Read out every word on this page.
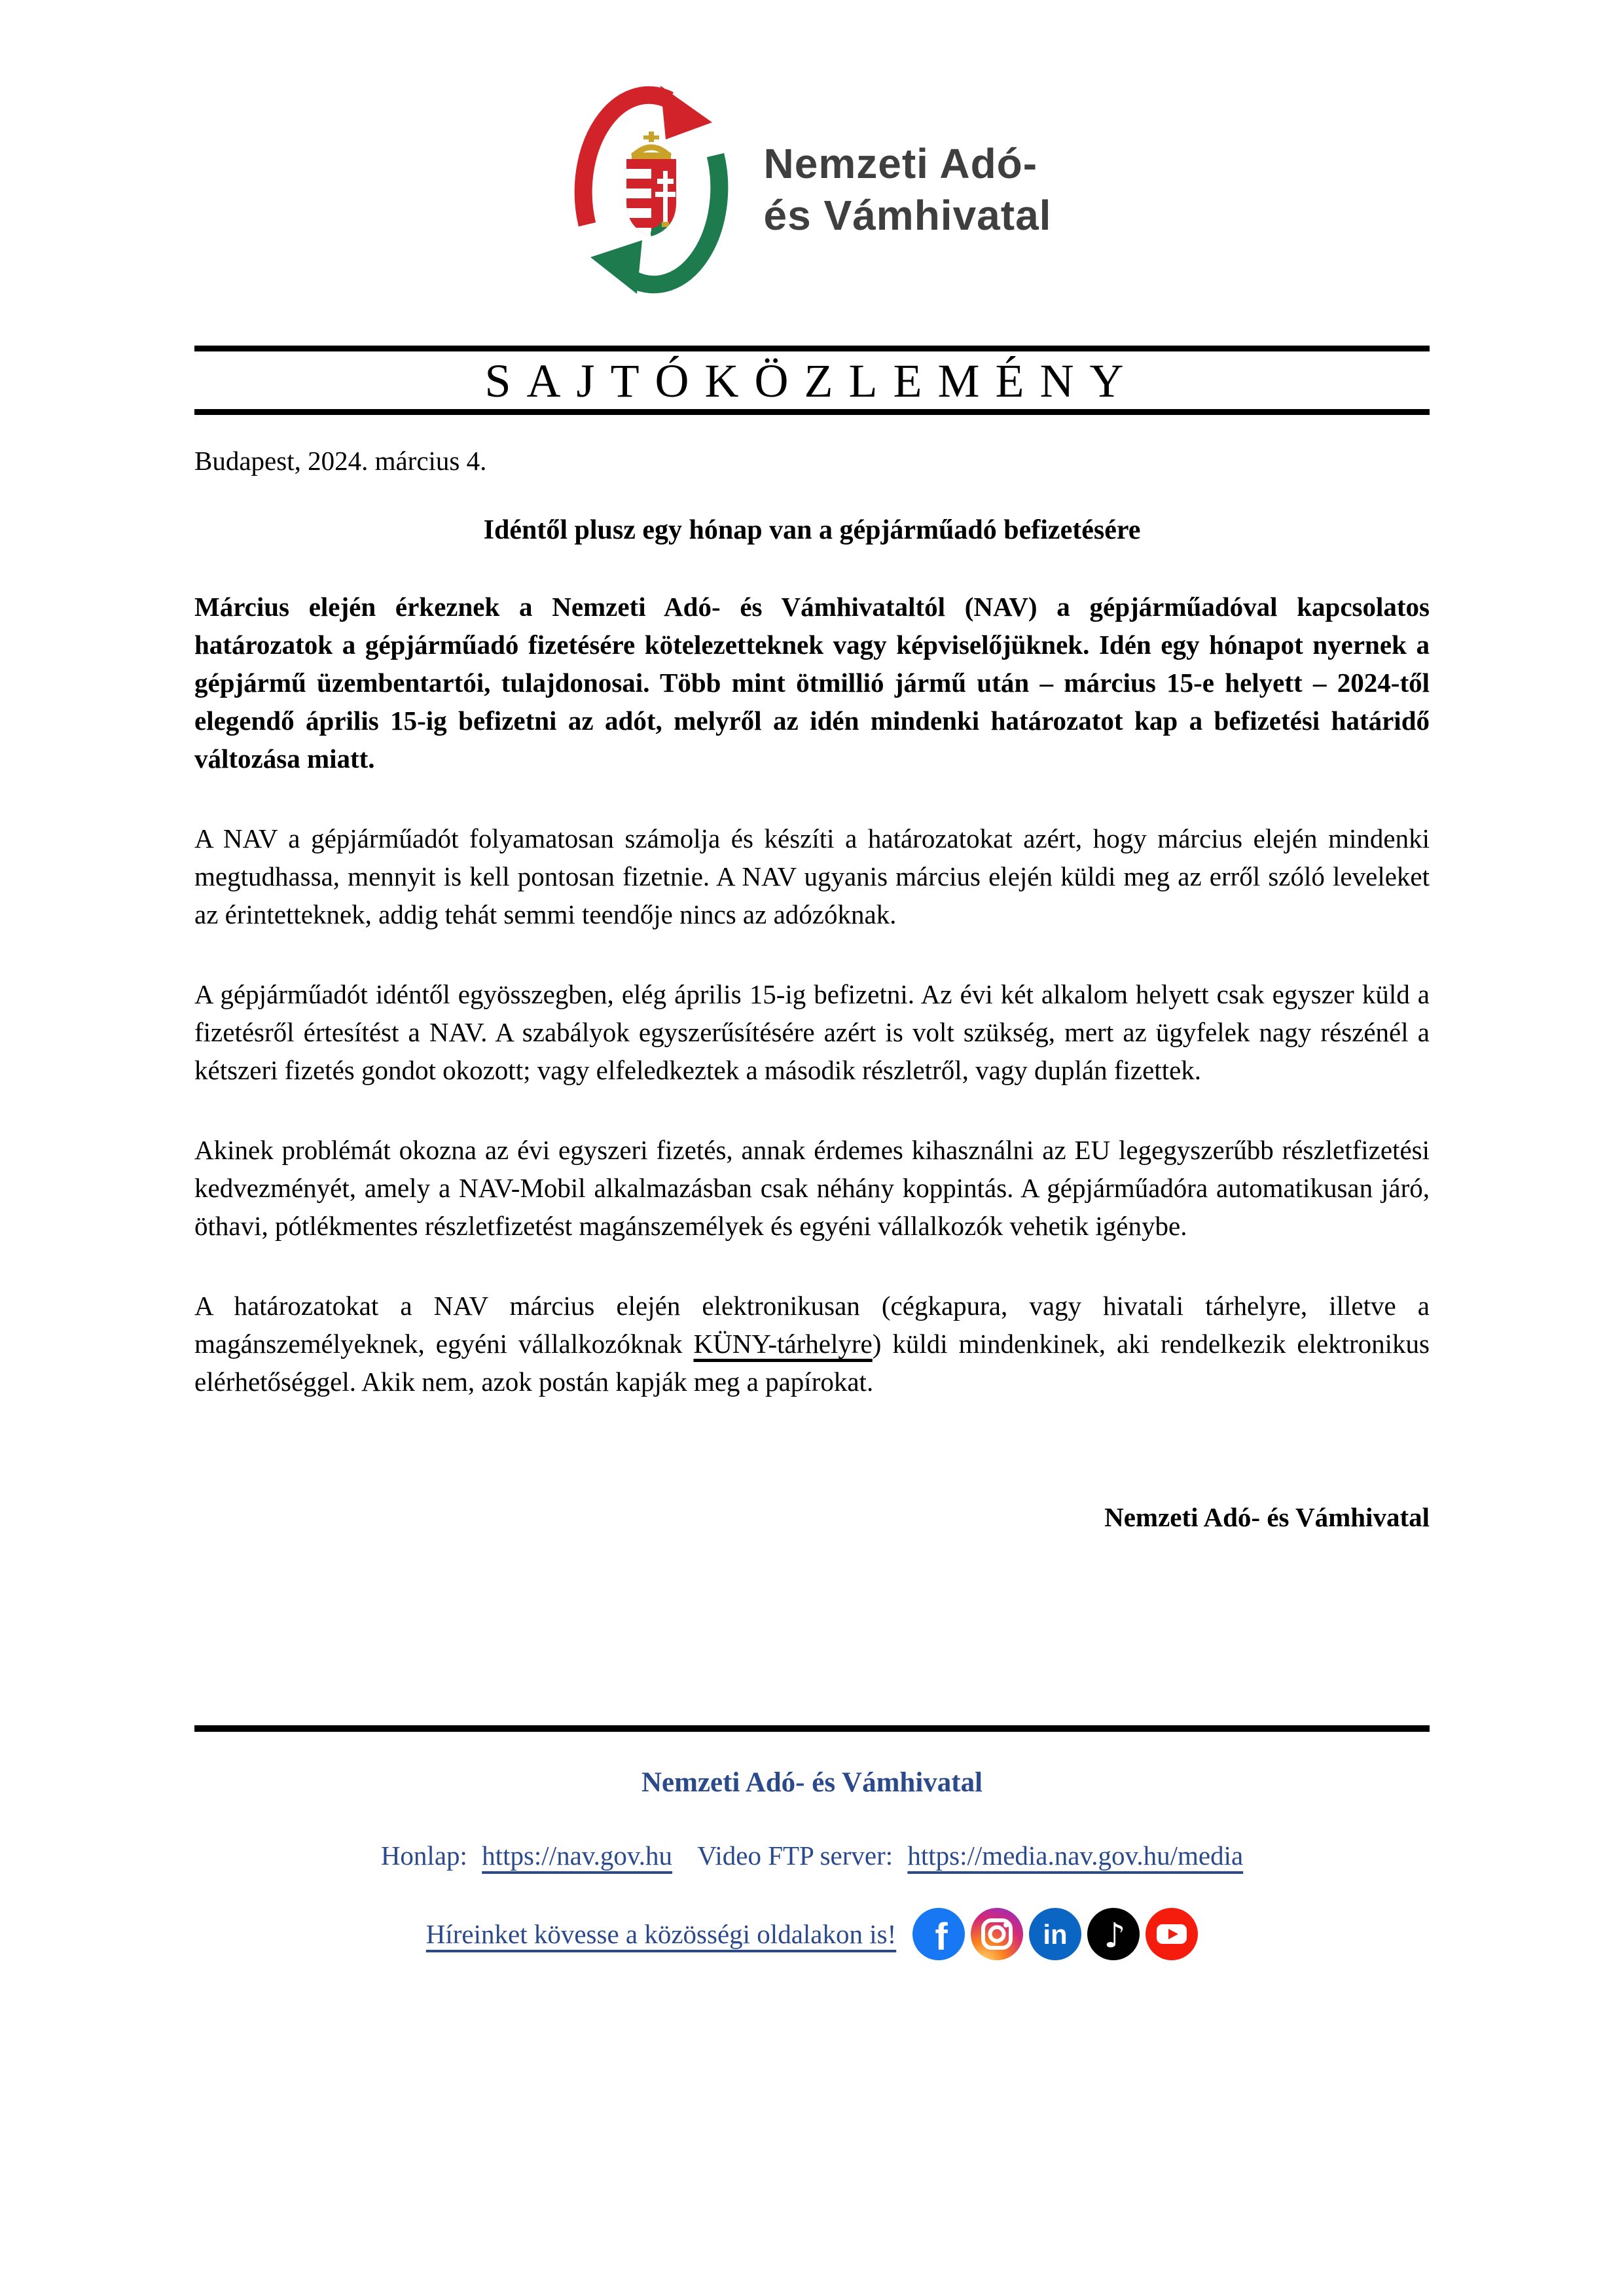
Nemzeti Adó-
és Vámhivatal
SAJTÓKÖZLEMÉNY

Budapest, 2024. március 4.

Idéntől plusz egy hónap van a gépjárműadó befizetésére

Március elején érkeznek a Nemzeti Adó- és Vámhivataltól (NAV) a gépjárműadóval kapcsolatos határozatok a gépjárműadó fizetésére kötelezetteknek vagy képviselőjüknek. Idén egy hónapot nyernek a gépjármű üzembentartói, tulajdonosai. Több mint ötmillió jármű után – március 15-e helyett – 2024-től elegendő április 15-ig befizetni az adót, melyről az idén mindenki határozatot kap a befizetési határidő változása miatt.

A NAV a gépjárműadót folyamatosan számolja és készíti a határozatokat azért, hogy március elején mindenki megtudhassa, mennyit is kell pontosan fizetnie. A NAV ugyanis március elején küldi meg az erről szóló leveleket az érintetteknek, addig tehát semmi teendője nincs az adózóknak.

A gépjárműadót idéntől egyösszegben, elég április 15-ig befizetni. Az évi két alkalom helyett csak egyszer küld a fizetésről értesítést a NAV. A szabályok egyszerűsítésére azért is volt szükség, mert az ügyfelek nagy részénél a kétszeri fizetés gondot okozott; vagy elfeledkeztek a második részletről, vagy duplán fizettek.

Akinek problémát okozna az évi egyszeri fizetés, annak érdemes kihasználni az EU legegyszerűbb részletfizetési kedvezményét, amely a NAV-Mobil alkalmazásban csak néhány koppintás. A gépjárműadóra automatikusan járó, öthavi, pótlékmentes részletfizetést magánszemélyek és egyéni vállalkozók vehetik igénybe.

A határozatokat a NAV március elején elektronikusan (cégkapura, vagy hivatali tárhelyre, illetve a magánszemélyeknek, egyéni vállalkozóknak KÜNY-tárhelyre) küldi mindenkinek, aki rendelkezik elektronikus elérhetőséggel. Akik nem, azok postán kapják meg a papírokat.

Nemzeti Adó- és Vámhivatal

Nemzeti Adó- és Vámhivatal
Honlap: https://nav.gov.hu Video FTP server: https://media.nav.gov.hu/media
Híreinket kövesse a közösségi oldalakon is! f	in ♪
